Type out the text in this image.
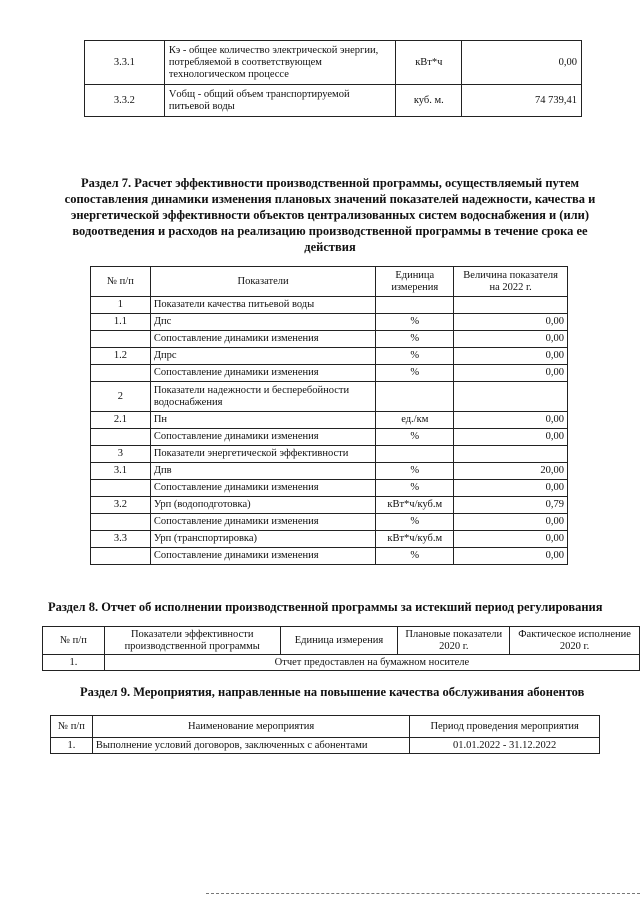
3.3.1	Кэ - общее количество электрической энергии, потребляемой в соответствующем технологическом процессе	кВт*ч	0,00
3.3.2	Vобщ - общий объем транспортируемой питьевой воды	куб. м.	74 739,41
Раздел 7. Расчет эффективности производственной программы, осуществляемый путем сопоставления динамики изменения плановых значений показателей надежности, качества и энергетической эффективности объектов централизованных систем водоснабжения и (или) водоотведения и расходов на реализацию производственной программы в течение срока ее действия
№ п/п	Показатели	Единица измерения	Величина показателя на 2022 г.
1	Показатели качества питьевой воды		
1.1	Дпс	%	0,00
	Сопоставление динамики изменения	%	0,00
1.2	Дпрс	%	0,00
	Сопоставление динамики изменения	%	0,00
2	Показатели надежности и бесперебойности водоснабжения		
2.1	Пн	ед./км	0,00
	Сопоставление динамики изменения	%	0,00
3	Показатели энергетической эффективности		
3.1	Дпв	%	20,00
	Сопоставление динамики изменения	%	0,00
3.2	Урп (водоподготовка)	кВт*ч/куб.м	0,79
	Сопоставление динамики изменения	%	0,00
3.3	Урп (транспортировка)	кВт*ч/куб.м	0,00
	Сопоставление динамики изменения	%	0,00
Раздел 8. Отчет об исполнении производственной программы за истекший период регулирования
№ п/п	Показатели эффективности производственной программы	Единица измерения	Плановые показатели 2020 г.	Фактическое исполнение 2020 г.
1.	Отчет предоставлен на бумажном носителе			
Раздел 9. Мероприятия, направленные на повышение качества обслуживания абонентов
№ п/п	Наименование мероприятия	Период проведения мероприятия
1.	Выполнение условий договоров, заключенных с абонентами	01.01.2022 - 31.12.2022
